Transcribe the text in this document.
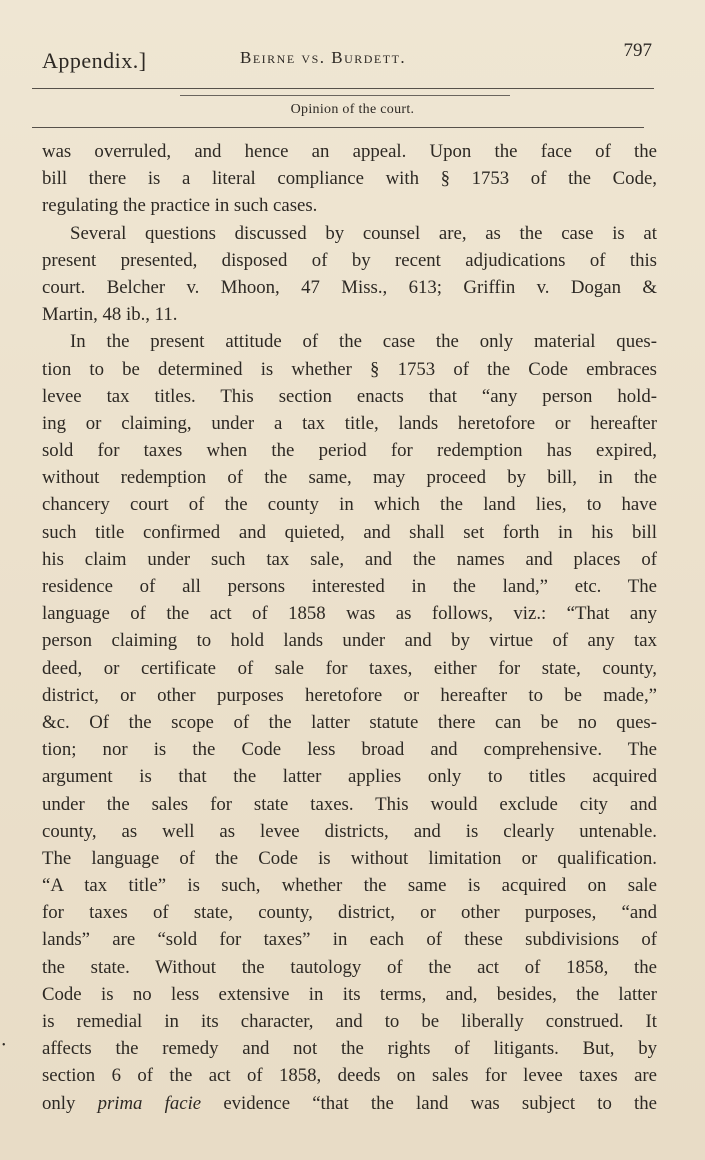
Appendix.]	Beirne vs. Burdett.	797
Opinion of the court.
was overruled, and hence an appeal. Upon the face of the
bill there is a literal compliance with § 1753 of the Code,
regulating the practice in such cases.
Several questions discussed by counsel are, as the case is at
present presented, disposed of by recent adjudications of this
court. Belcher v. Mhoon, 47 Miss., 613; Griffin v. Dogan &
Martin, 48 ib., 11.
In the present attitude of the case the only material ques-
tion to be determined is whether § 1753 of the Code embraces
levee tax titles. This section enacts that “any person hold-
ing or claiming, under a tax title, lands heretofore or hereafter
sold for taxes when the period for redemption has expired,
without redemption of the same, may proceed by bill, in the
chancery court of the county in which the land lies, to have
such title confirmed and quieted, and shall set forth in his bill
his claim under such tax sale, and the names and places of
residence of all persons interested in the land,” etc. The
language of the act of 1858 was as follows, viz.: “That any
person claiming to hold lands under and by virtue of any tax
deed, or certificate of sale for taxes, either for state, county,
district, or other purposes heretofore or hereafter to be made,”
&c. Of the scope of the latter statute there can be no ques-
tion; nor is the Code less broad and comprehensive. The
argument is that the latter applies only to titles acquired
under the sales for state taxes. This would exclude city and
county, as well as levee districts, and is clearly untenable.
The language of the Code is without limitation or qualification.
“A tax title” is such, whether the same is acquired on sale
for taxes of state, county, district, or other purposes, “and
lands” are “sold for taxes” in each of these subdivisions of
the state. Without the tautology of the act of 1858, the
Code is no less extensive in its terms, and, besides, the latter
is remedial in its character, and to be liberally construed. It
affects the remedy and not the rights of litigants. But, by
section 6 of the act of 1858, deeds on sales for levee taxes are
only prima facie evidence “that the land was subject to the
•
